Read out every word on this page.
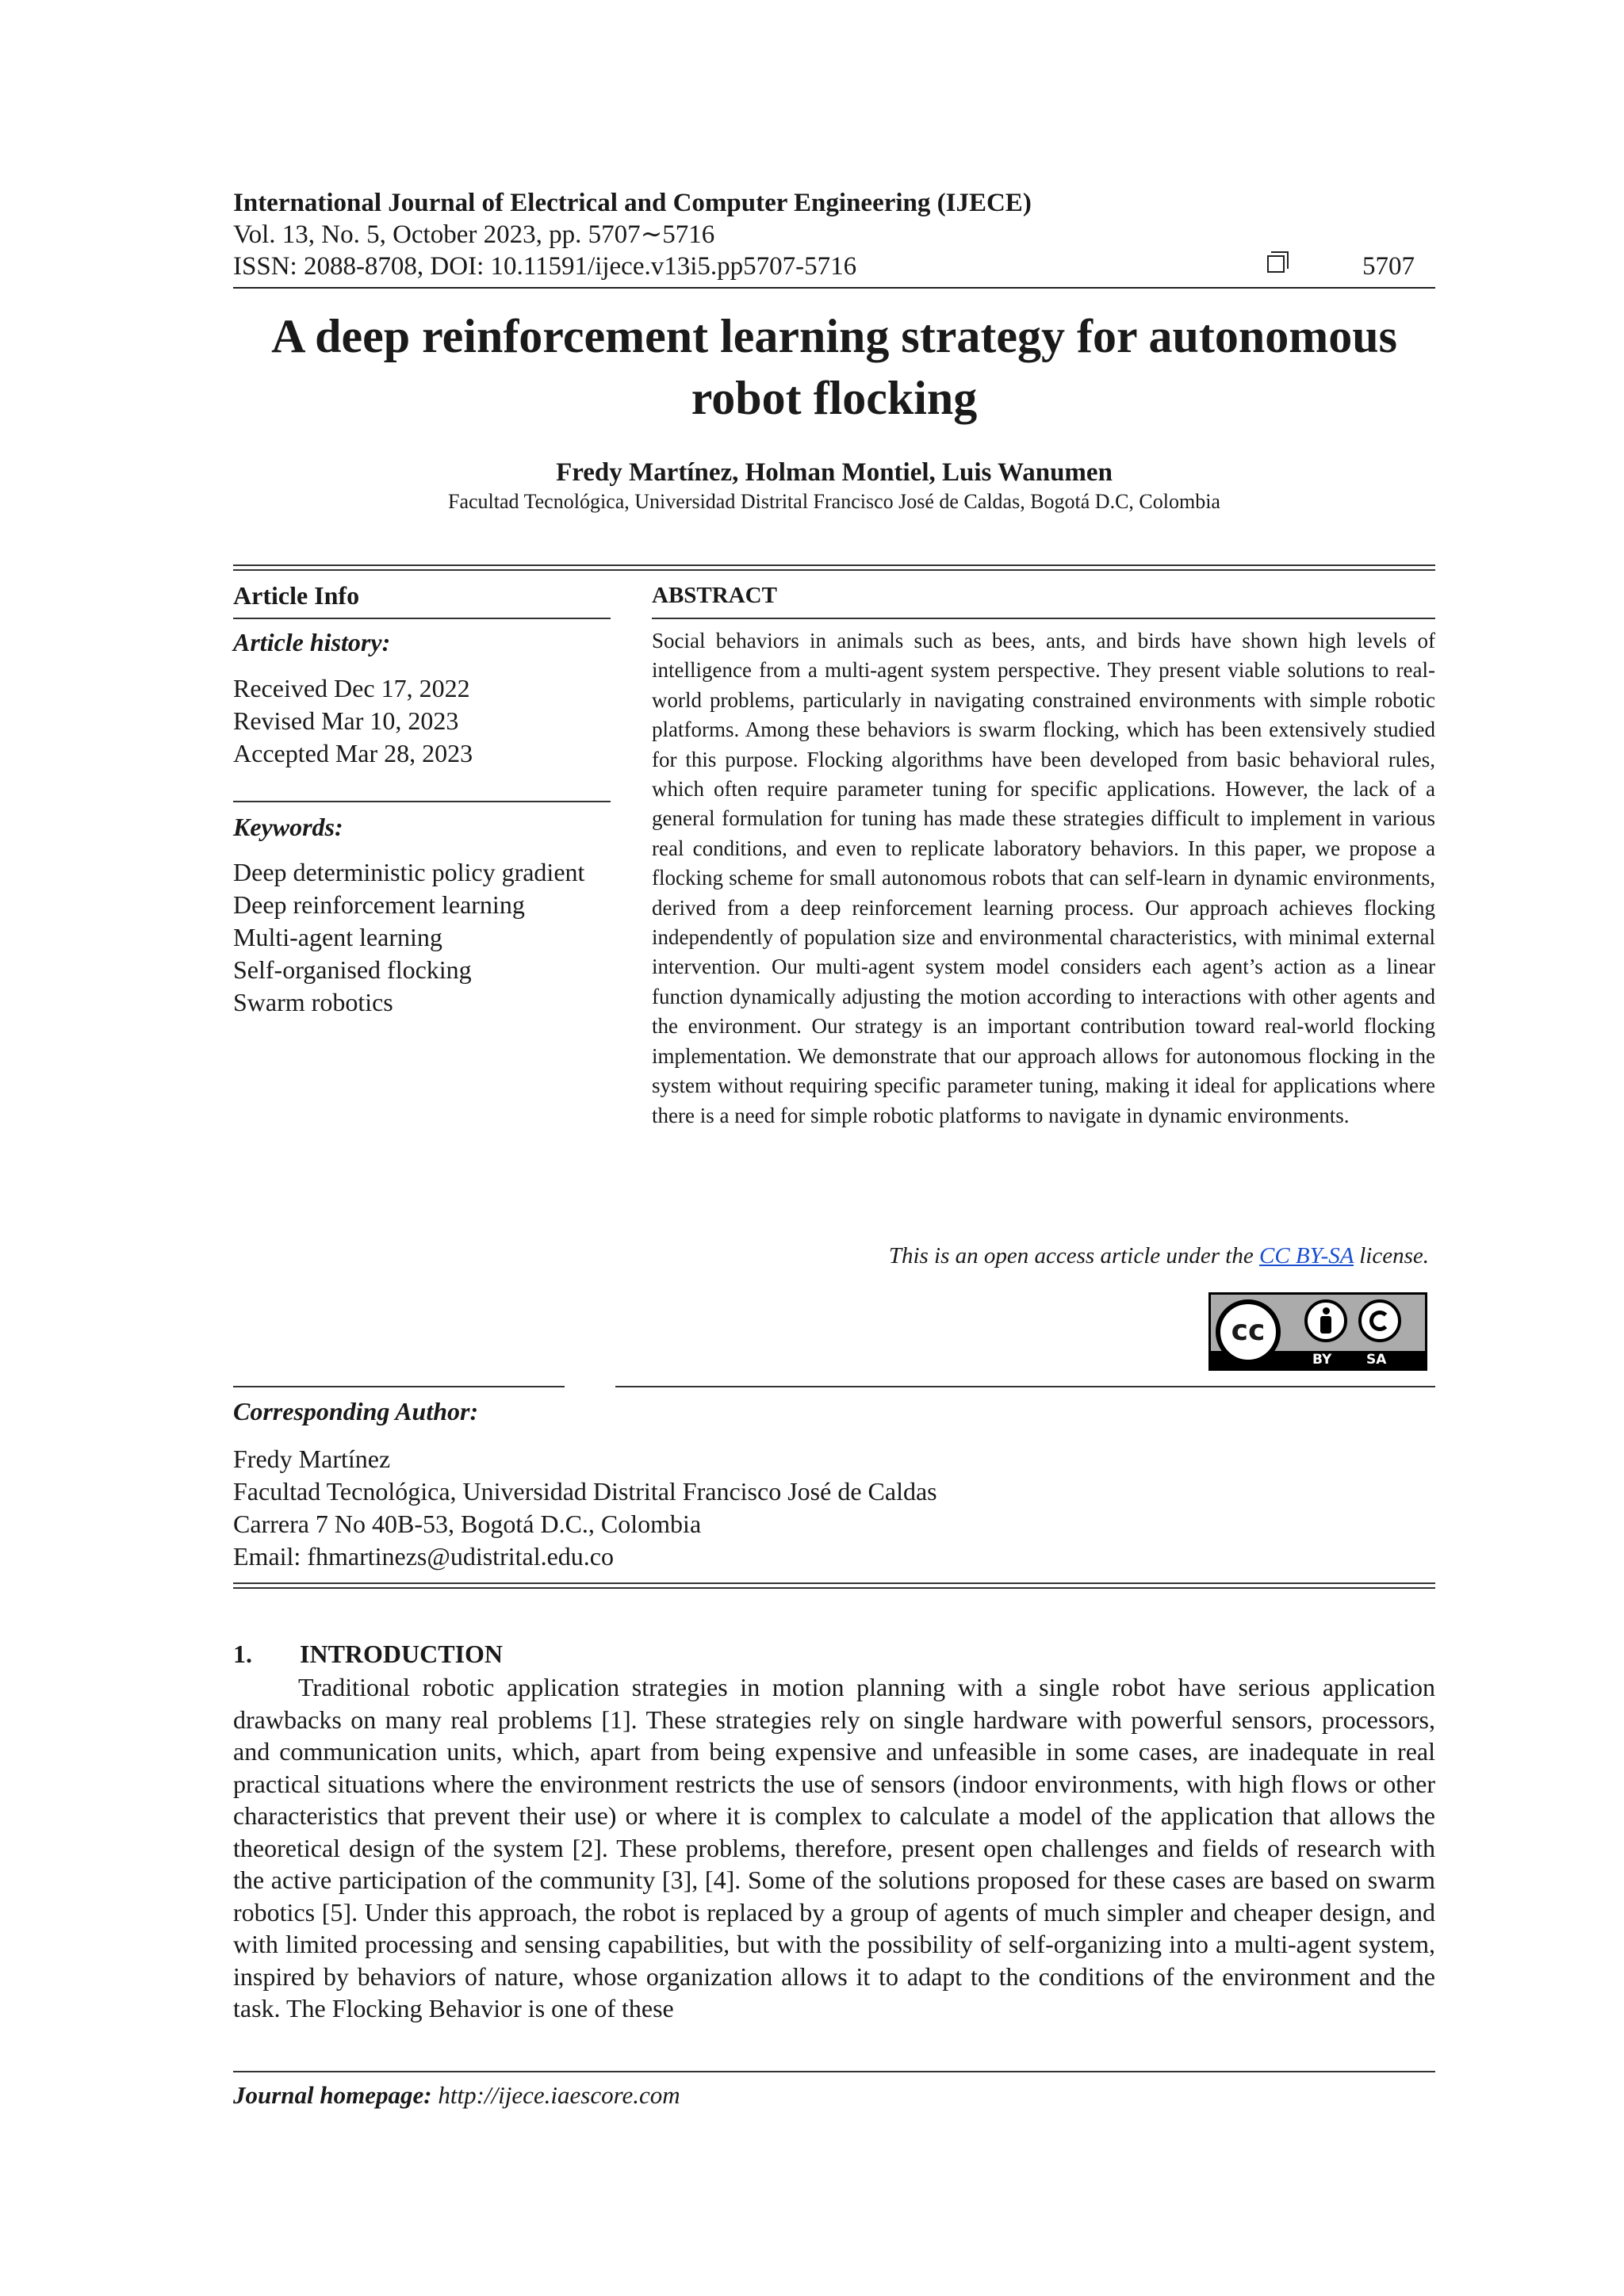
International Journal of Electrical and Computer Engineering (IJECE)
Vol. 13, No. 5, October 2023, pp. 5707∼5716
ISSN: 2088-8708, DOI: 10.11591/ijece.v13i5.pp5707-5716	5707
A deep reinforcement learning strategy for autonomous
robot flocking
Fredy Martínez, Holman Montiel, Luis Wanumen
Facultad Tecnológica, Universidad Distrital Francisco José de Caldas, Bogotá D.C, Colombia
Article Info
Article history:
Received Dec 17, 2022
Revised Mar 10, 2023
Accepted Mar 28, 2023
Keywords:
Deep deterministic policy gradient
Deep reinforcement learning
Multi-agent learning
Self-organised flocking
Swarm robotics
ABSTRACT
Social behaviors in animals such as bees, ants, and birds have shown high levels of intelligence from a multi-agent system perspective. They present viable solutions to real-world problems, particularly in navigating constrained environments with simple robotic platforms. Among these behaviors is swarm flocking, which has been extensively studied for this purpose. Flocking algorithms have been developed from basic behavioral rules, which often require parameter tuning for specific applications. However, the lack of a general formulation for tuning has made these strategies difficult to implement in various real conditions, and even to replicate laboratory behaviors. In this paper, we propose a flocking scheme for small autonomous robots that can self-learn in dynamic environments, derived from a deep reinforcement learning process. Our approach achieves flocking independently of population size and environmental characteristics, with minimal external intervention. Our multi-agent system model considers each agent’s action as a linear function dynamically adjusting the motion according to interactions with other agents and the environment. Our strategy is an important contribution toward real-world flocking implementation. We demonstrate that our approach allows for autonomous flocking in the system without requiring specific parameter tuning, making it ideal for applications where there is a need for simple robotic platforms to navigate in dynamic environments.
This is an open access article under the CC BY-SA license.
cc
BY	SA
Corresponding Author:
Fredy Martínez
Facultad Tecnológica, Universidad Distrital Francisco José de Caldas
Carrera 7 No 40B-53, Bogotá D.C., Colombia
Email: fhmartinezs@udistrital.edu.co
1. INTRODUCTION
Traditional robotic application strategies in motion planning with a single robot have serious application drawbacks on many real problems [1]. These strategies rely on single hardware with powerful sensors, processors, and communication units, which, apart from being expensive and unfeasible in some cases, are inadequate in real practical situations where the environment restricts the use of sensors (indoor environments, with high flows or other characteristics that prevent their use) or where it is complex to calculate a model of the application that allows the theoretical design of the system [2]. These problems, therefore, present open challenges and fields of research with the active participation of the community [3], [4]. Some of the solutions proposed for these cases are based on swarm robotics [5]. Under this approach, the robot is replaced by a group of agents of much simpler and cheaper design, and with limited processing and sensing capabilities, but with the possibility of self-organizing into a multi-agent system, inspired by behaviors of nature, whose organization allows it to adapt to the conditions of the environment and the task. The Flocking Behavior is one of these
Journal homepage: http://ijece.iaescore.com
